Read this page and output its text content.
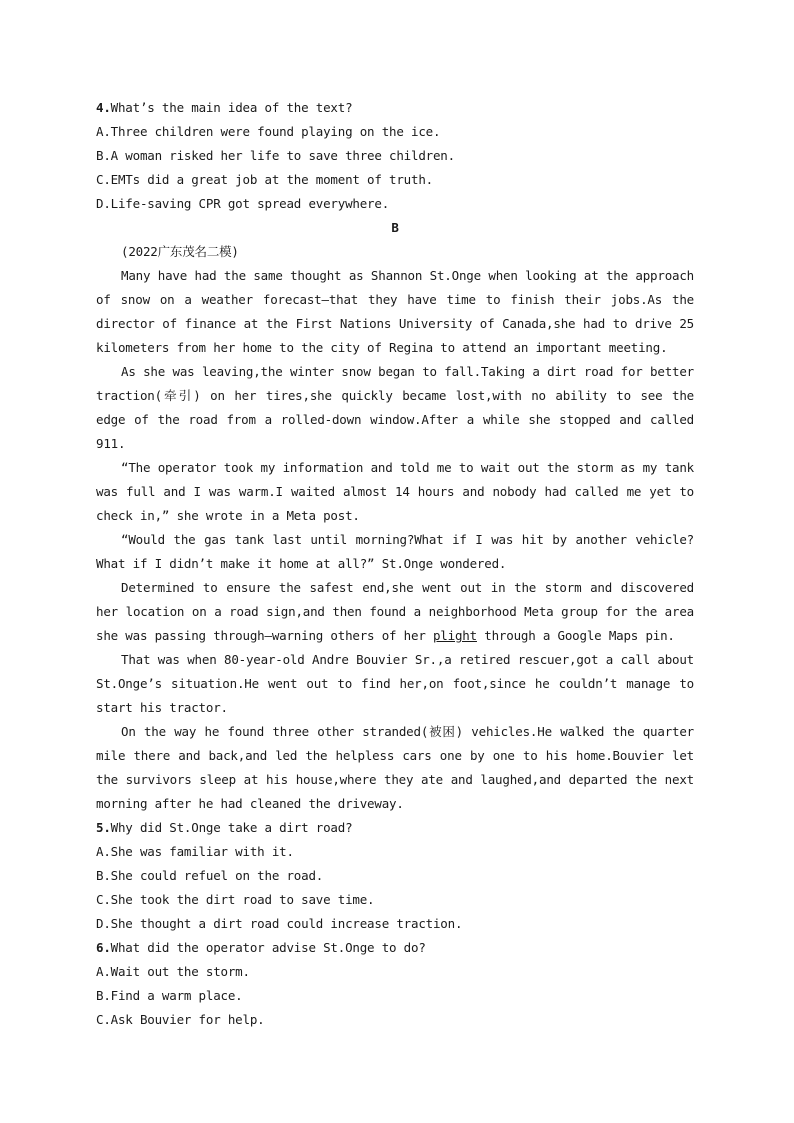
4.What’s the main idea of the text?
A.Three children were found playing on the ice.
B.A woman risked her life to save three children.
C.EMTs did a great job at the moment of truth.
D.Life-saving CPR got spread everywhere.
B
(2022广东茂名二模)

Many have had the same thought as Shannon St.Onge when looking at the approach of snow on a weather forecast—that they have time to finish their jobs.As the director of finance at the First Nations University of Canada,she had to drive 25 kilometers from her home to the city of Regina to attend an important meeting.

As she was leaving,the winter snow began to fall.Taking a dirt road for better traction(牵引) on her tires,she quickly became lost,with no ability to see the edge of the road from a rolled-down window.After a while she stopped and called 911.

“The operator took my information and told me to wait out the storm as my tank was full and I was warm.I waited almost 14 hours and nobody had called me yet to check in,” she wrote in a Meta post.

“Would the gas tank last until morning?What if I was hit by another vehicle?What if I didn’t make it home at all?” St.Onge wondered.

Determined to ensure the safest end,she went out in the storm and discovered her location on a road sign,and then found a neighborhood Meta group for the area she was passing through—warning others of her plight through a Google Maps pin.

That was when 80-year-old Andre Bouvier Sr.,a retired rescuer,got a call about St.Onge’s situation.He went out to find her,on foot,since he couldn’t manage to start his tractor.

On the way he found three other stranded(被困) vehicles.He walked the quarter mile there and back,and led the helpless cars one by one to his home.Bouvier let the survivors sleep at his house,where they ate and laughed,and departed the next morning after he had cleaned the driveway.

5.Why did St.Onge take a dirt road?
A.She was familiar with it.
B.She could refuel on the road.
C.She took the dirt road to save time.
D.She thought a dirt road could increase traction.
6.What did the operator advise St.Onge to do?
A.Wait out the storm.
B.Find a warm place.
C.Ask Bouvier for help.
